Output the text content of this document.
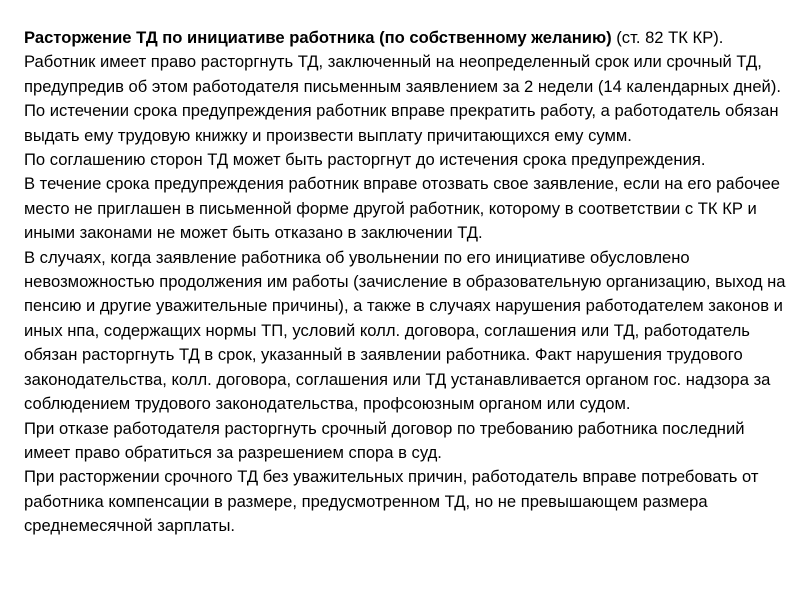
Расторжение ТД по инициативе работника (по собственному желанию) (ст. 82 ТК КР).

Работник имеет право расторгнуть ТД, заключенный на неопределенный срок или срочный ТД, предупредив об этом работодателя письменным заявлением за 2 недели (14 календарных дней). По истечении срока предупреждения работник вправе прекратить работу, а работодатель обязан выдать ему трудовую книжку и произвести выплату причитающихся ему сумм.

По соглашению сторон ТД может быть расторгнут до истечения срока предупреждения.

В течение срока предупреждения работник вправе отозвать свое заявление, если на его рабочее место не приглашен в письменной форме другой работник, которому в соответствии с ТК КР и иными законами не может быть отказано в заключении ТД.

В случаях, когда заявление работника об увольнении по его инициативе обусловлено невозможностью продолжения им работы (зачисление в образовательную организацию, выход на пенсию и другие уважительные причины), а также в случаях нарушения работодателем законов и иных нпа, содержащих нормы ТП, условий колл. договора, соглашения или ТД, работодатель обязан расторгнуть ТД в срок, указанный в заявлении работника. Факт нарушения трудового законодательства, колл. договора, соглашения или ТД устанавливается органом гос. надзора за соблюдением трудового законодательства, профсоюзным органом или судом.

При отказе работодателя расторгнуть срочный договор по требованию работника последний имеет право обратиться за разрешением спора в суд.

При расторжении срочного ТД без уважительных причин, работодатель вправе потребовать от работника компенсации в размере, предусмотренном ТД, но не превышающем размера среднемесячной зарплаты.
